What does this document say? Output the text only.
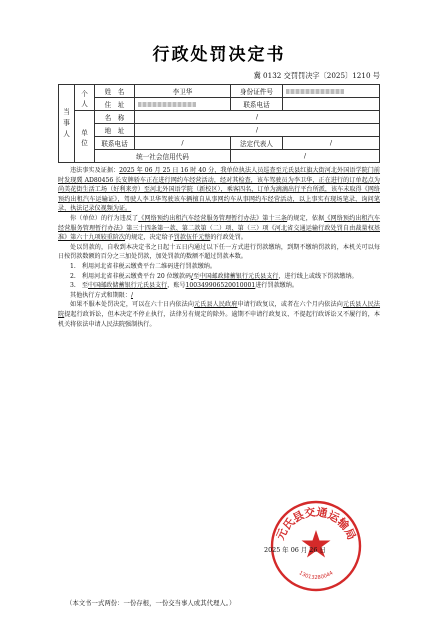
行政处罚决定书
冀 0132 交罚罚决字〔2025〕1210 号
当事人	个人	姓　名	李卫华	身份证件号	
		住　址		联系电话	
	单位	名　称	/		
		地　址	/		
		联系电话	/	法定代表人	/
		统一社会信用代码		/	

违法事实及证据：2025 年 06 月 25 日 16 时 40 分，我单位执法人员巡查至元氏县红旗大街河北外国语学院门前时发现冀 AD80456 长安牌轿车正在进行网约车经营活动，经对其检查，该车驾驶员为李卫华，正在进行的订单起点为尚美花街生活工场（好利来旁）至河北外国语学院（新校区），乘客四名，订单为滴滴出行平台所派，该车未取得《网络预约出租汽车运输证》，驾驶人李卫华驾驶该车辆擅自从事网约车从事网约车经营活动，以上事实有现场笔录、询问笔录、执法记录仪视频为证。

你（单位）的行为违反了《网络预约出租汽车经营服务管理暂行办法》第十三条的规定，依据《网络预约出租汽车经营服务管理暂行办法》第三十四条第一款、第二款第（二）项、第（三）项《河北省交通运输行政处罚自由裁量权基准》第六十九项较重阶次的规定，决定给予罚款伍仟元整的行政处罚。

处以罚款的，自收到本决定书之日起十五日内通过以下任一方式进行罚款缴纳，到期不缴纳罚款的，本机关可以每日按罚款数额的百分之三加处罚款，加处罚款的数额不超过罚款本数。

1.　利用河北省非税云缴费平台二维码进行罚款缴纳。

2.　利用河北省非税云缴费平台 20 位缴款码/至中国邮政储蓄银行元氏县支行，进行线上或线下罚款缴纳。

3.　至中国邮政储蓄银行元氏县支行，账号100349906520010001进行罚款缴纳。

其他执行方式和期限：/

如果不服本处罚决定，可以在六十日内依法向元氏县人民政府申请行政复议，或者在六个月内依法向元氏县人民法院提起行政诉讼，但本决定不停止执行，法律另有规定的除外。逾期不申请行政复议、不提起行政诉讼又不履行的，本机关将依法申请人民法院强制执行。

元氏县交通运输局
13013280044
2025 年 06 月 26 日
（本文书一式两份：一份存根，一份交当事人或其代理人。）
